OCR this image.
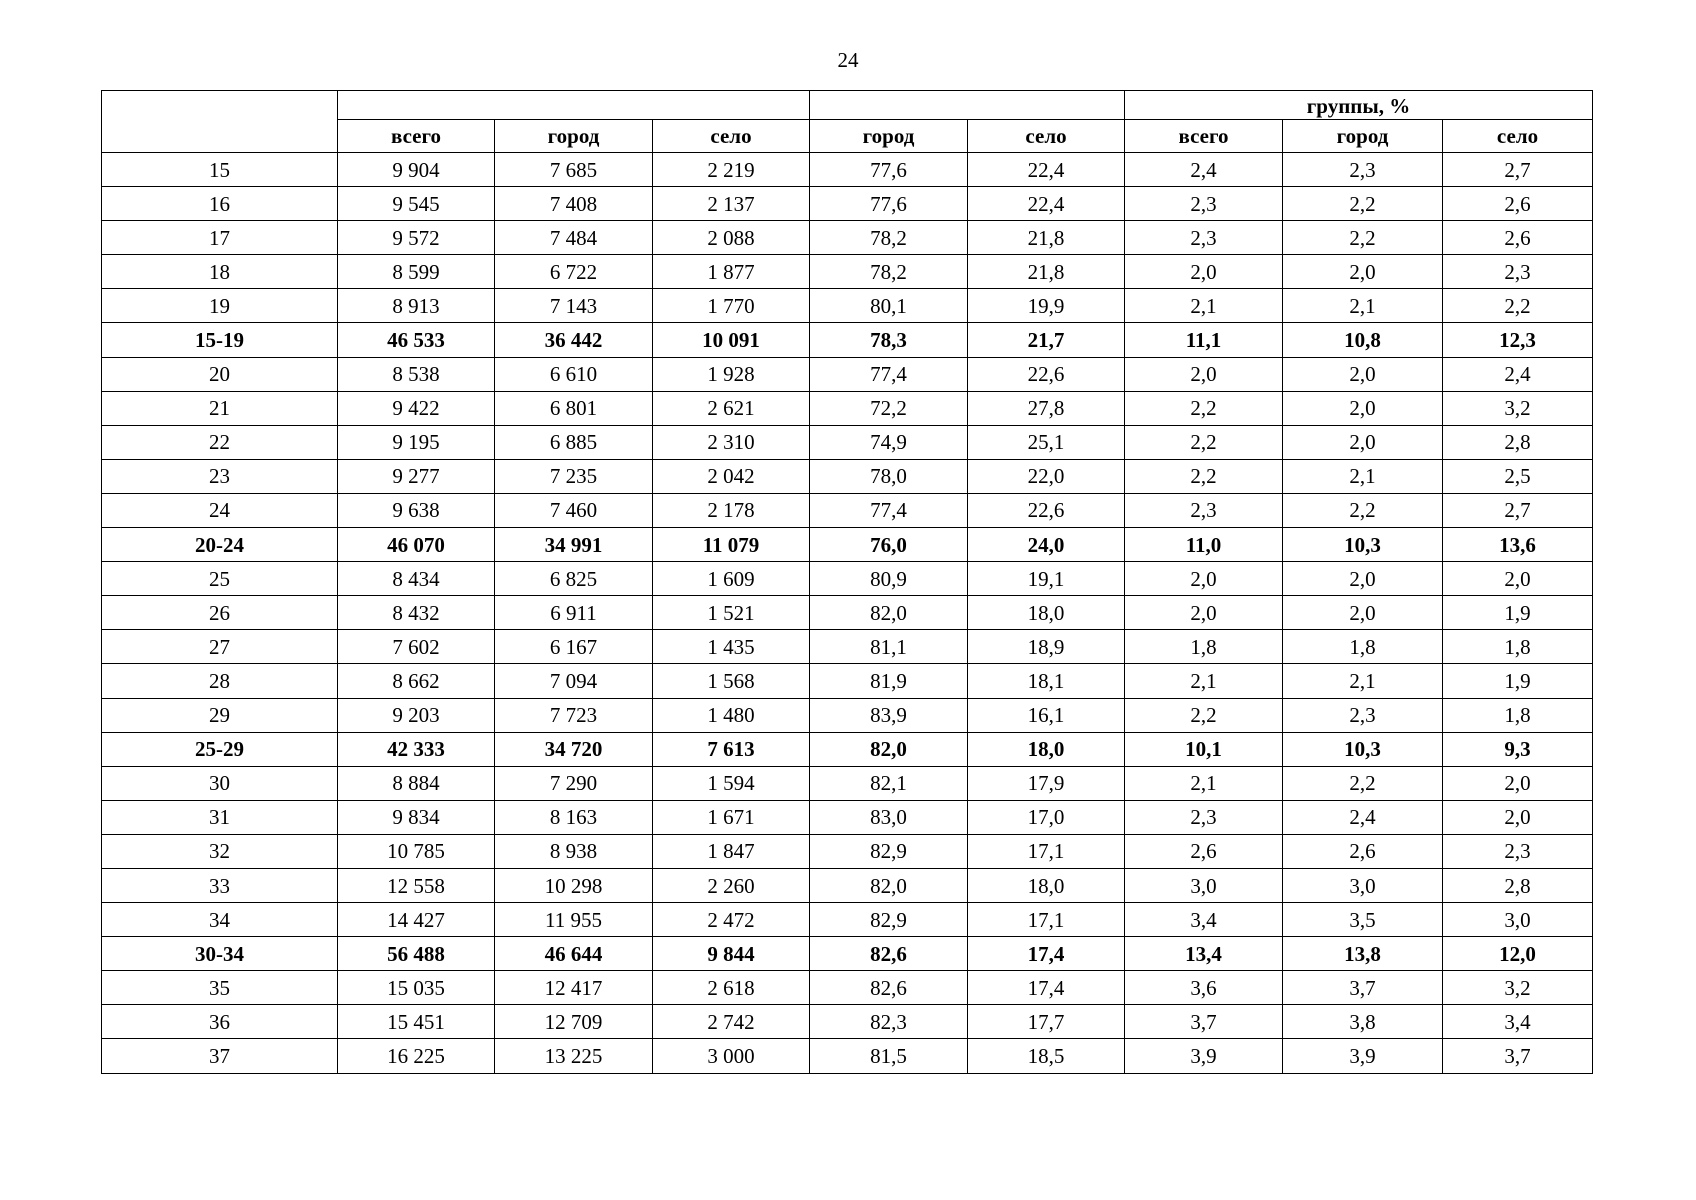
24
						группы, %		
	всего	город	село	город	село	всего	город	село
15	9 904	7 685	2 219	77,6	22,4	2,4	2,3	2,7
16	9 545	7 408	2 137	77,6	22,4	2,3	2,2	2,6
17	9 572	7 484	2 088	78,2	21,8	2,3	2,2	2,6
18	8 599	6 722	1 877	78,2	21,8	2,0	2,0	2,3
19	8 913	7 143	1 770	80,1	19,9	2,1	2,1	2,2
15-19	46 533	36 442	10 091	78,3	21,7	11,1	10,8	12,3
20	8 538	6 610	1 928	77,4	22,6	2,0	2,0	2,4
21	9 422	6 801	2 621	72,2	27,8	2,2	2,0	3,2
22	9 195	6 885	2 310	74,9	25,1	2,2	2,0	2,8
23	9 277	7 235	2 042	78,0	22,0	2,2	2,1	2,5
24	9 638	7 460	2 178	77,4	22,6	2,3	2,2	2,7
20-24	46 070	34 991	11 079	76,0	24,0	11,0	10,3	13,6
25	8 434	6 825	1 609	80,9	19,1	2,0	2,0	2,0
26	8 432	6 911	1 521	82,0	18,0	2,0	2,0	1,9
27	7 602	6 167	1 435	81,1	18,9	1,8	1,8	1,8
28	8 662	7 094	1 568	81,9	18,1	2,1	2,1	1,9
29	9 203	7 723	1 480	83,9	16,1	2,2	2,3	1,8
25-29	42 333	34 720	7 613	82,0	18,0	10,1	10,3	9,3
30	8 884	7 290	1 594	82,1	17,9	2,1	2,2	2,0
31	9 834	8 163	1 671	83,0	17,0	2,3	2,4	2,0
32	10 785	8 938	1 847	82,9	17,1	2,6	2,6	2,3
33	12 558	10 298	2 260	82,0	18,0	3,0	3,0	2,8
34	14 427	11 955	2 472	82,9	17,1	3,4	3,5	3,0
30-34	56 488	46 644	9 844	82,6	17,4	13,4	13,8	12,0
35	15 035	12 417	2 618	82,6	17,4	3,6	3,7	3,2
36	15 451	12 709	2 742	82,3	17,7	3,7	3,8	3,4
37	16 225	13 225	3 000	81,5	18,5	3,9	3,9	3,7
